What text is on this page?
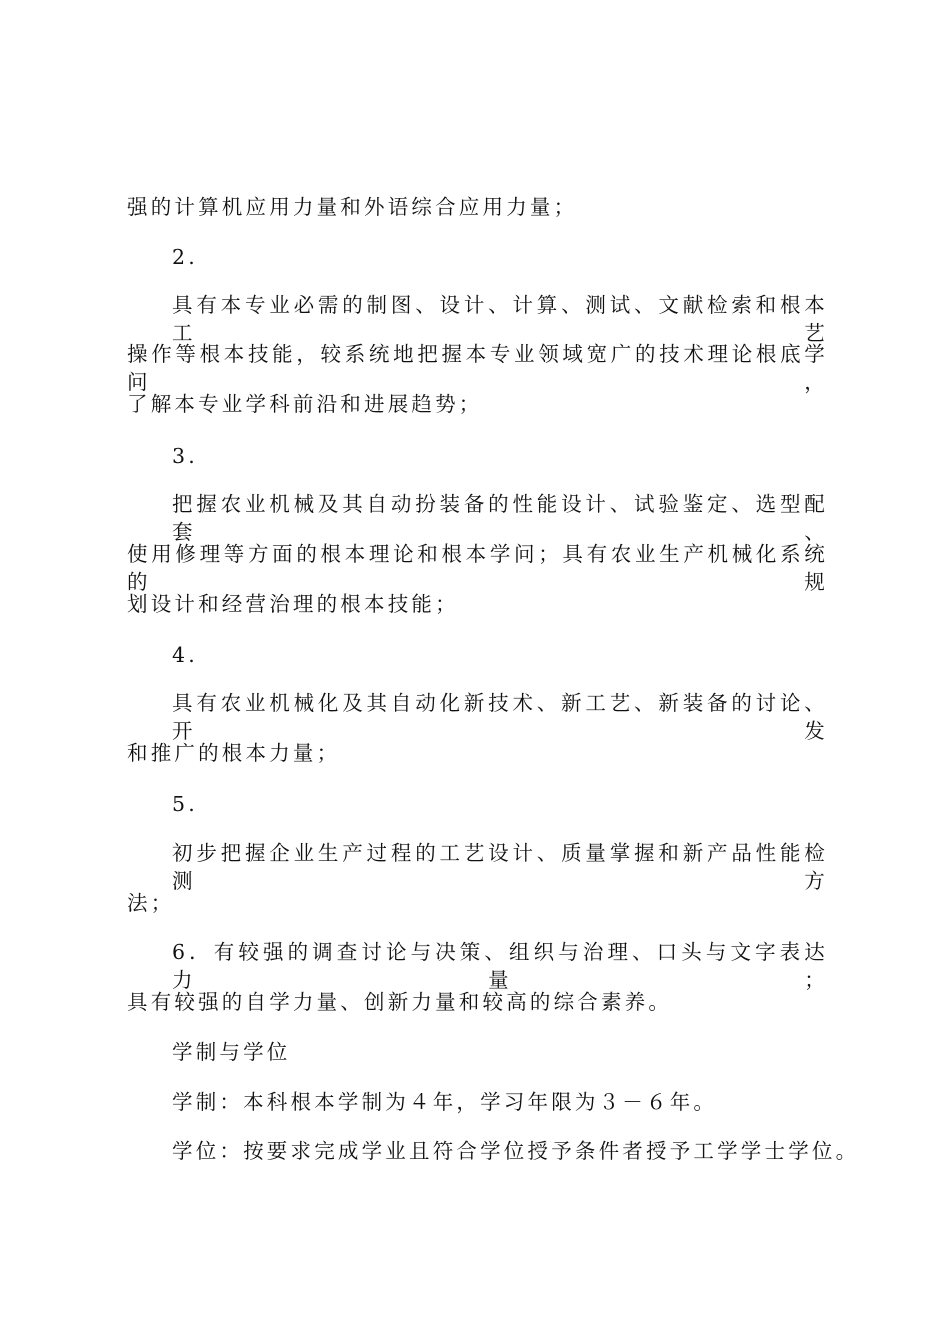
强的计算机应用力量和外语综合应用力量；
2.
具有本专业必需的制图、设计、计算、测试、文献检索和根本工艺
操作等根本技能，较系统地把握本专业领域宽广的技术理论根底学问，
了解本专业学科前沿和进展趋势；
3.
把握农业机械及其自动扮装备的性能设计、试验鉴定、选型配套、
使用修理等方面的根本理论和根本学问；具有农业生产机械化系统的规
划设计和经营治理的根本技能；
4.
具有农业机械化及其自动化新技术、新工艺、新装备的讨论、开发
和推广的根本力量；
5.
初步把握企业生产过程的工艺设计、质量掌握和新产品性能检测方
法；
6．有较强的调查讨论与决策、组织与治理、口头与文字表达力量；
具有较强的自学力量、创新力量和较高的综合素养。
学制与学位
学制：本科根本学制为４年，学习年限为３－６年。
学位：按要求完成学业且符合学位授予条件者授予工学学士学位。
